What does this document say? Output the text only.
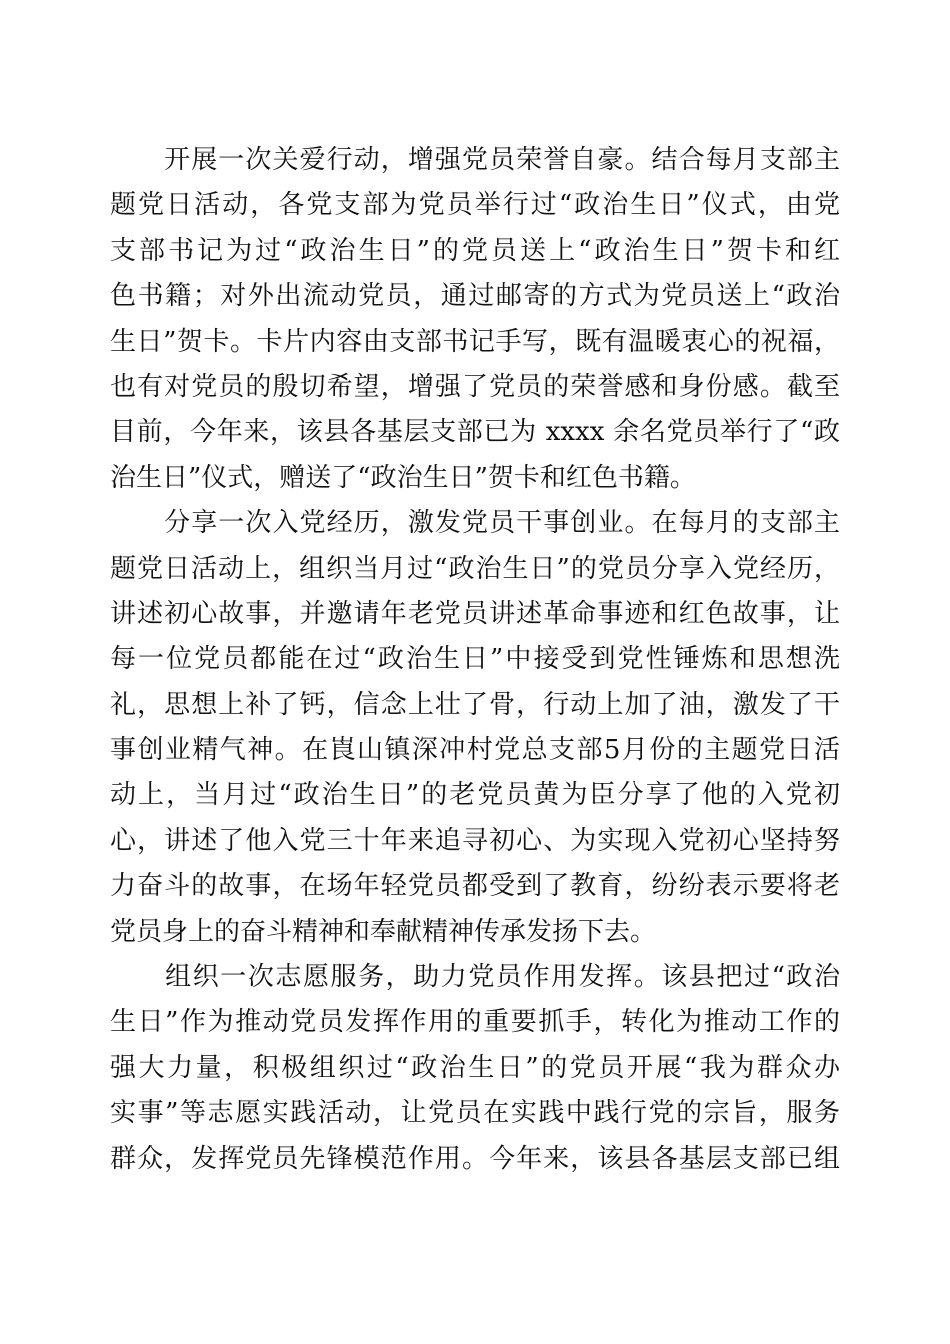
　　开展一次关爱行动，增强党员荣誉自豪。结合每月支部主
题党日活动，各党支部为党员举行过“政治生日”仪式，由党
支部书记为过“政治生日”的党员送上“政治生日”贺卡和红
色书籍；对外出流动党员，通过邮寄的方式为党员送上“政治
生日”贺卡。卡片内容由支部书记手写，既有温暖衷心的祝福，
也有对党员的殷切希望，增强了党员的荣誉感和身份感。截至
目前，今年来，该县各基层支部已为 xxxx 余名党员举行了“政
治生日”仪式，赠送了“政治生日”贺卡和红色书籍。
　　分享一次入党经历，激发党员干事创业。在每月的支部主
题党日活动上，组织当月过“政治生日”的党员分享入党经历，
讲述初心故事，并邀请年老党员讲述革命事迹和红色故事，让
每一位党员都能在过“政治生日”中接受到党性锤炼和思想洗
礼，思想上补了钙，信念上壮了骨，行动上加了油，激发了干
事创业精气神。在崀山镇深冲村党总支部5月份的主题党日活
动上，当月过“政治生日”的老党员黄为臣分享了他的入党初
心，讲述了他入党三十年来追寻初心、为实现入党初心坚持努
力奋斗的故事，在场年轻党员都受到了教育，纷纷表示要将老
党员身上的奋斗精神和奉献精神传承发扬下去。
　　组织一次志愿服务，助力党员作用发挥。该县把过“政治
生日”作为推动党员发挥作用的重要抓手，转化为推动工作的
强大力量，积极组织过“政治生日”的党员开展“我为群众办
实事”等志愿实践活动，让党员在实践中践行党的宗旨，服务
群众，发挥党员先锋模范作用。今年来，该县各基层支部已组
